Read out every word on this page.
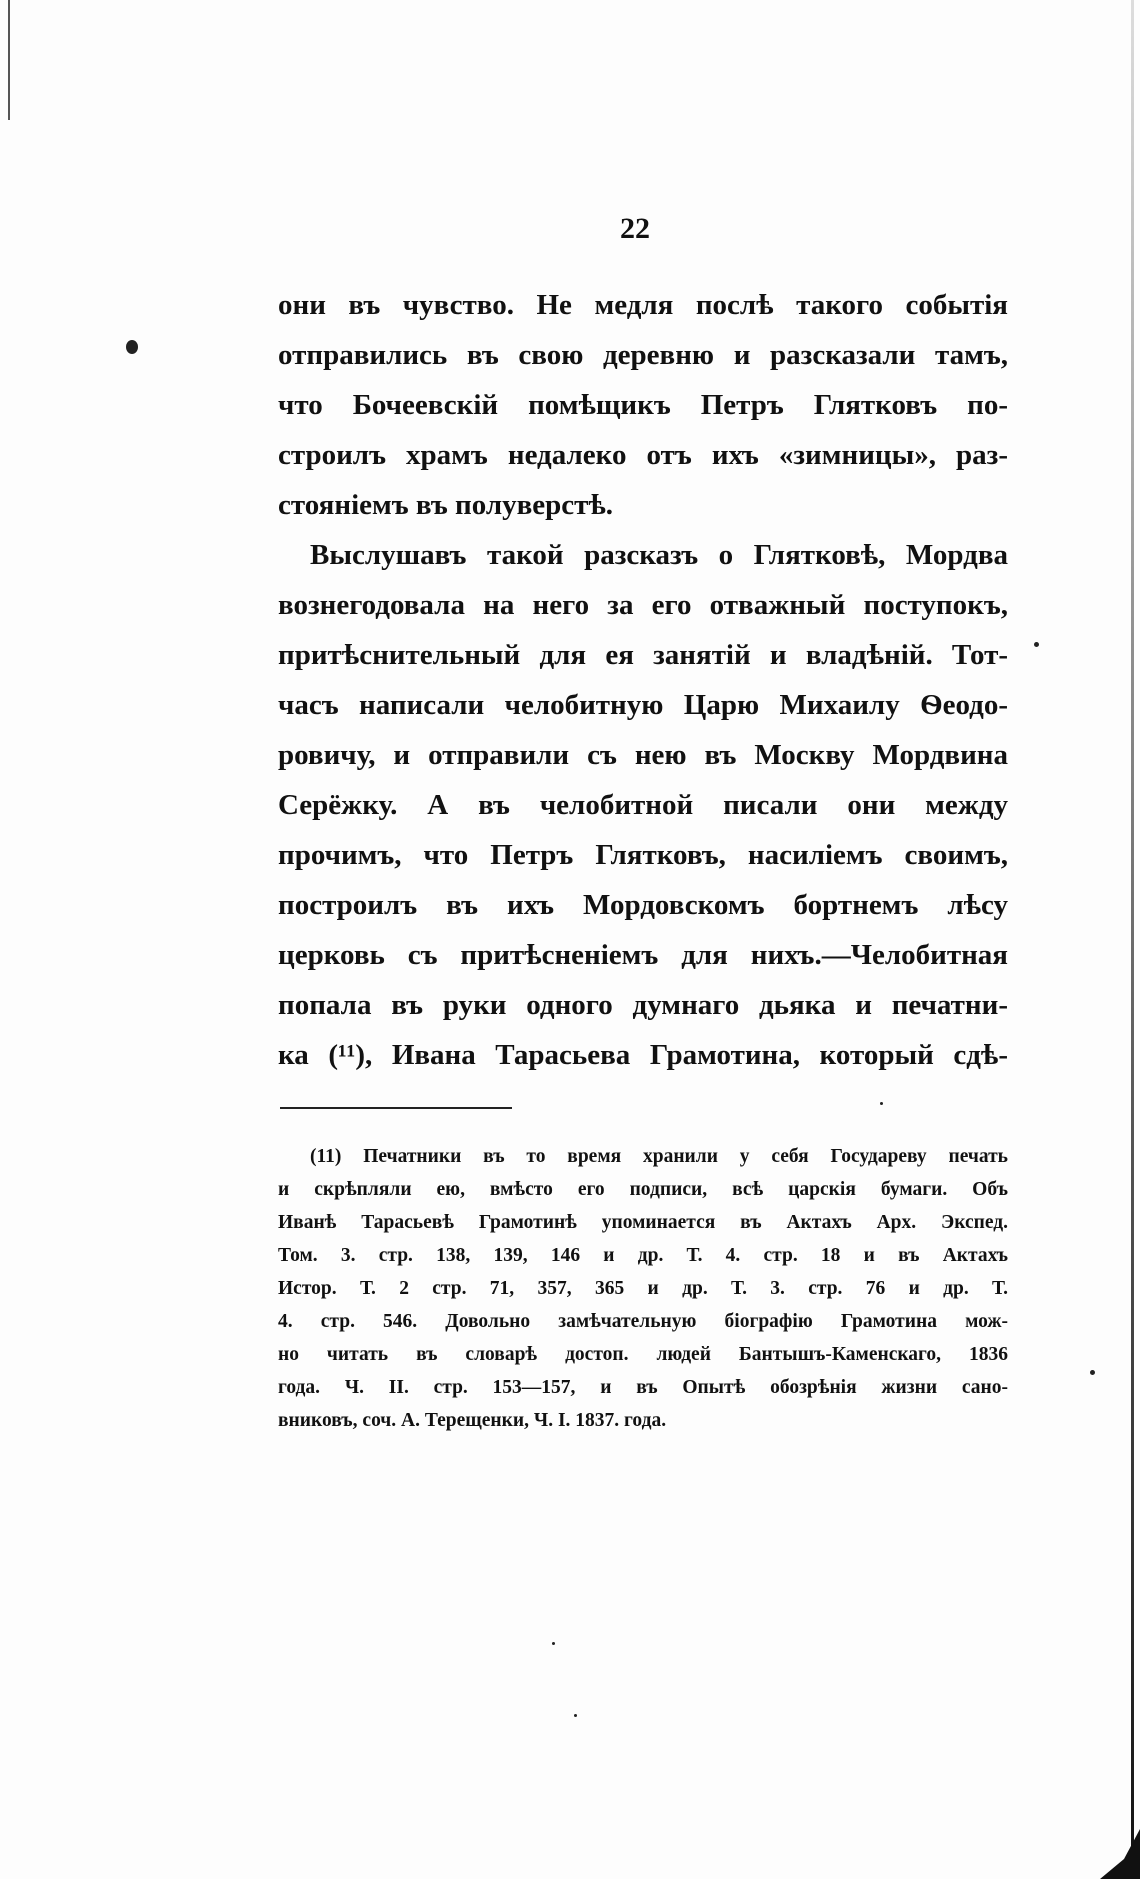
22
они въ чувство. Не медля послѣ такого событія
отправились въ свою деревню и разсказали тамъ,
что Бочеевскій помѣщикъ Петръ Глятковъ по-
строилъ храмъ недалеко отъ ихъ «зимницы», раз-
стояніемъ въ полуверстѣ.
Выслушавъ такой разсказъ о Глятковѣ, Мордва
вознегодовала на него за его отважный поступокъ,
притѣснительный для ея занятій и владѣній. Тот-
часъ написали челобитную Царю Михаилу Ѳеодо-
ровичу, и отправили съ нею въ Москву Мордвина
Серёжку. А въ челобитной писали они между
прочимъ, что Петръ Глятковъ, насиліемъ своимъ,
построилъ въ ихъ Мордовскомъ бортнемъ лѣсу
церковь съ притѣсненіемъ для нихъ.—Челобитная
попала въ руки одного думнаго дьяка и печатни-
ка (¹¹), Ивана Тарасьева Грамотина, который сдѣ-
(11) Печатники въ то время хранили у себя Государеву печать
и скрѣпляли ею, вмѣсто его подписи, всѣ царскія бумаги. Объ
Иванѣ Тарасьевѣ Грамотинѣ упоминается въ Актахъ Арх. Экспед.
Том. 3. стр. 138, 139, 146 и др. Т. 4. стр. 18 и въ Актахъ
Истор. Т. 2 стр. 71, 357, 365 и др. Т. 3. стр. 76 и др. Т.
4. стр. 546. Довольно замѣчательную біографію Грамотина мож-
но читать въ словарѣ достоп. людей Бантышъ-Каменскаго, 1836
года. Ч. II. стр. 153—157, и въ Опытѣ обозрѣнія жизни сано-
вниковъ, соч. А. Терещенки, Ч. I. 1837. года.
